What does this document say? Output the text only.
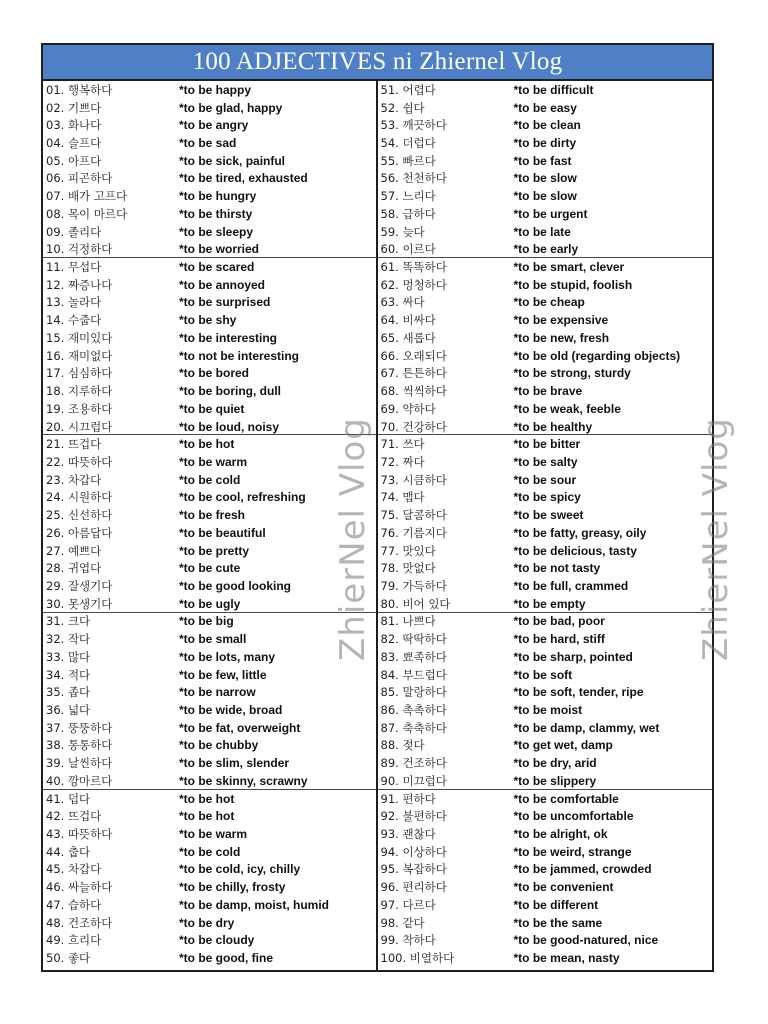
100 ADJECTIVES ni Zhiernel Vlog
01. 행복하다	*to be happy
02. 기쁘다	*to be glad, happy
03. 화나다	*to be angry
04. 슬프다	*to be sad
05. 아프다	*to be sick, painful
06. 피곤하다	*to be tired, exhausted
07. 배가 고프다	*to be hungry
08. 목이 마르다	*to be thirsty
09. 졸리다	*to be sleepy
10. 걱정하다	*to be worried
11. 무섭다	*to be scared
12. 짜증나다	*to be annoyed
13. 놀라다	*to be surprised
14. 수줍다	*to be shy
15. 재미있다	*to be interesting
16. 재미없다	*to not be interesting
17. 심심하다	*to be bored
18. 지루하다	*to be boring, dull
19. 조용하다	*to be quiet
20. 시끄럽다	*to be loud, noisy
21. 뜨겁다	*to be hot
22. 따뜻하다	*to be warm
23. 차갑다	*to be cold
24. 시원하다	*to be cool, refreshing
25. 신선하다	*to be fresh
26. 아름답다	*to be beautiful
27. 예쁘다	*to be pretty
28. 귀엽다	*to be cute
29. 잘생기다	*to be good looking
30. 못생기다	*to be ugly
31. 크다	*to be big
32. 작다	*to be small
33. 많다	*to be lots, many
34. 적다	*to be few, little
35. 좁다	*to be narrow
36. 넓다	*to be wide, broad
37. 뚱뚱하다	*to be fat, overweight
38. 통통하다	*to be chubby
39. 날씬하다	*to be slim, slender
40. 깡마르다	*to be skinny, scrawny
41. 덥다	*to be hot
42. 뜨겁다	*to be hot
43. 따뜻하다	*to be warm
44. 춥다	*to be cold
45. 차갑다	*to be cold, icy, chilly
46. 싸늘하다	*to be chilly, frosty
47. 습하다	*to be damp, moist, humid
48. 건조하다	*to be dry
49. 흐리다	*to be cloudy
50. 좋다	*to be good, fine
51. 어렵다	*to be difficult
52. 쉽다	*to be easy
53. 깨끗하다	*to be clean
54. 더럽다	*to be dirty
55. 빠르다	*to be fast
56. 천천하다	*to be slow
57. 느리다	*to be slow
58. 급하다	*to be urgent
59. 늦다	*to be late
60. 이르다	*to be early
61. 똑똑하다	*to be smart, clever
62. 멍청하다	*to be stupid, foolish
63. 싸다	*to be cheap
64. 비싸다	*to be expensive
65. 새롭다	*to be new, fresh
66. 오래되다	*to be old (regarding objects)
67. 튼튼하다	*to be strong, sturdy
68. 씩씩하다	*to be brave
69. 약하다	*to be weak, feeble
70. 건강하다	*to be healthy
71. 쓰다	*to be bitter
72. 짜다	*to be salty
73. 시큼하다	*to be sour
74. 맵다	*to be spicy
75. 달콤하다	*to be sweet
76. 기름지다	*to be fatty, greasy, oily
77. 맛있다	*to be delicious, tasty
78. 맛없다	*to be not tasty
79. 가득하다	*to be full, crammed
80. 비어 있다	*to be empty
81. 나쁘다	*to be bad, poor
82. 딱딱하다	*to be hard, stiff
83. 뾰족하다	*to be sharp, pointed
84. 부드럽다	*to be soft
85. 말랑하다	*to be soft, tender, ripe
86. 촉촉하다	*to be moist
87. 축축하다	*to be damp, clammy, wet
88. 젖다	*to get wet, damp
89. 건조하다	*to be dry, arid
90. 미끄럽다	*to be slippery
91. 편하다	*to be comfortable
92. 불편하다	*to be uncomfortable
93. 괜찮다	*to be alright, ok
94. 이상하다	*to be weird, strange
95. 복잡하다	*to be jammed, crowded
96. 편리하다	*to be convenient
97. 다르다	*to be different
98. 같다	*to be the same
99. 착하다	*to be good-natured, nice
100. 비열하다	*to be mean, nasty
ZhierNel Vlog	ZhierNel Vlog
